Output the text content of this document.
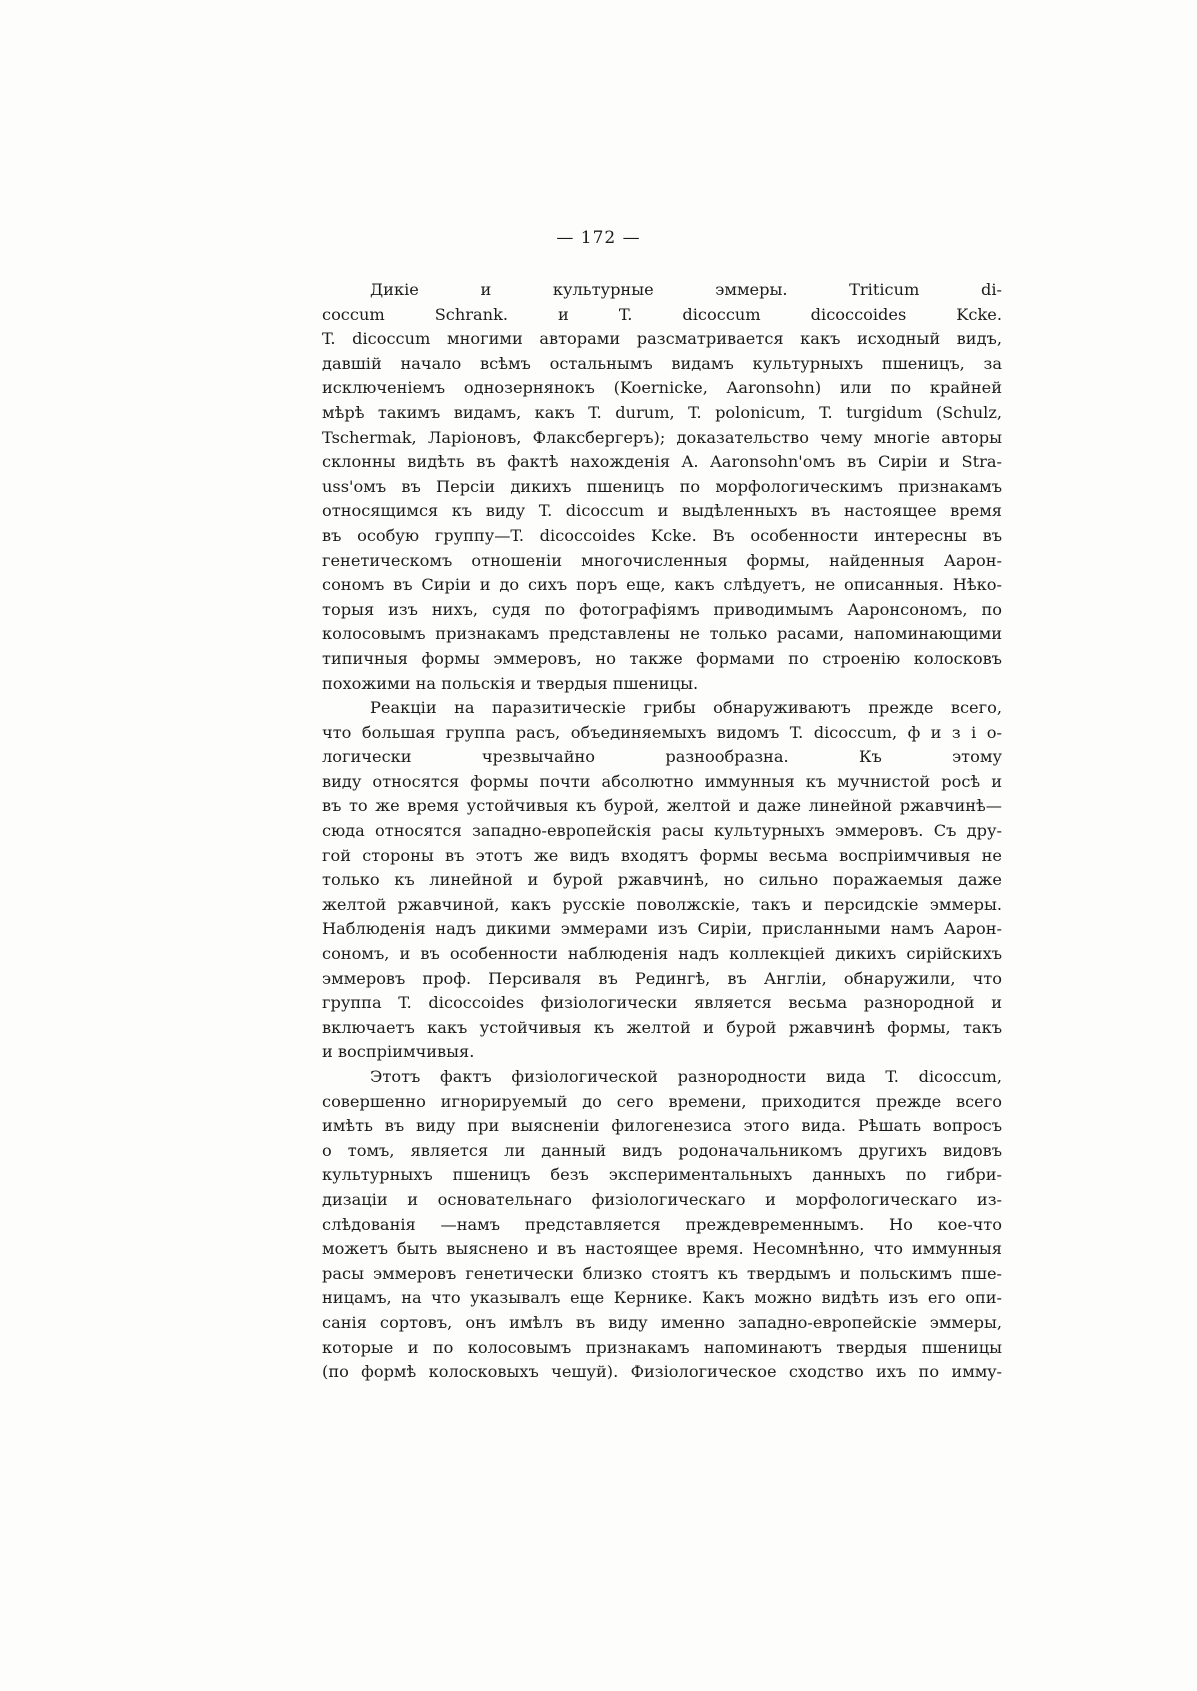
— 172 —
Дикіе и культурные эммеры. Triticum di-
coccum Schrank. и T. dicoccum dicoccoides Kcke.
T. dicoccum многими авторами разсматривается какъ исходный видъ,
давшій начало всѣмъ остальнымъ видамъ культурныхъ пшеницъ, за
исключеніемъ однозернянокъ (Koernicke, Aaronsohn) или по крайней
мѣрѣ такимъ видамъ, какъ T. durum, T. polonicum, T. turgidum (Schulz,
Tschermak, Ларіоновъ, Флаксбергеръ); доказательство чему многіе авторы
склонны видѣть въ фактѣ нахожденія A. Aaronsohn'омъ въ Сиріи и Stra-
uss'омъ въ Персіи дикихъ пшеницъ по морфологическимъ признакамъ
относящимся къ виду T. dicoccum и выдѣленныхъ въ настоящее время
въ особую группу—T. dicoccoides Kcke. Въ особенности интересны въ
генетическомъ отношеніи многочисленныя формы, найденныя Аарон-
сономъ въ Сиріи и до сихъ поръ еще, какъ слѣдуетъ, не описанныя. Нѣко-
торыя изъ нихъ, судя по фотографіямъ приводимымъ Ааронсономъ, по
колосовымъ признакамъ представлены не только расами, напоминающими
типичныя формы эммеровъ, но также формами по строенію колосковъ
похожими на польскія и твердыя пшеницы.
Реакціи на паразитическіе грибы обнаруживаютъ прежде всего,
что большая группа расъ, объединяемыхъ видомъ T. dicoccum, ф и з і о-
логически чрезвычайно разнообразна. Къ этому
виду относятся формы почти абсолютно иммунныя къ мучнистой росѣ и
въ то же время устойчивыя къ бурой, желтой и даже линейной ржавчинѣ—
сюда относятся западно-европейскія расы культурныхъ эммеровъ. Съ дру-
гой стороны въ этотъ же видъ входятъ формы весьма воспріимчивыя не
только къ линейной и бурой ржавчинѣ, но сильно поражаемыя даже
желтой ржавчиной, какъ русскіе поволжскіе, такъ и персидскіе эммеры.
Наблюденія надъ дикими эммерами изъ Сиріи, присланными намъ Аарон-
сономъ, и въ особенности наблюденія надъ коллекціей дикихъ сирійскихъ
эммеровъ проф. Персиваля въ Редингѣ, въ Англіи, обнаружили, что
группа T. dicoccoides физіологически является весьма разнородной и
включаетъ какъ устойчивыя къ желтой и бурой ржавчинѣ формы, такъ
и воспріимчивыя.
Этотъ фактъ физіологической разнородности вида T. dicoccum,
совершенно игнорируемый до сего времени, приходится прежде всего
имѣть въ виду при выясненіи филогенезиса этого вида. Рѣшать вопросъ
о томъ, является ли данный видъ родоначальникомъ другихъ видовъ
культурныхъ пшеницъ безъ экспериментальныхъ данныхъ по гибри-
дизаціи и основательнаго физіологическаго и морфологическаго из-
слѣдованія —намъ представляется преждевременнымъ. Но кое-что
можетъ быть выяснено и въ настоящее время. Несомнѣнно, что иммунныя
расы эммеровъ генетически близко стоятъ къ твердымъ и польскимъ пше-
ницамъ, на что указывалъ еще Кернике. Какъ можно видѣть изъ его опи-
санія сортовъ, онъ имѣлъ въ виду именно западно-европейскіе эммеры,
которые и по колосовымъ признакамъ напоминаютъ твердыя пшеницы
(по формѣ колосковыхъ чешуй). Физіологическое сходство ихъ по иммy-
